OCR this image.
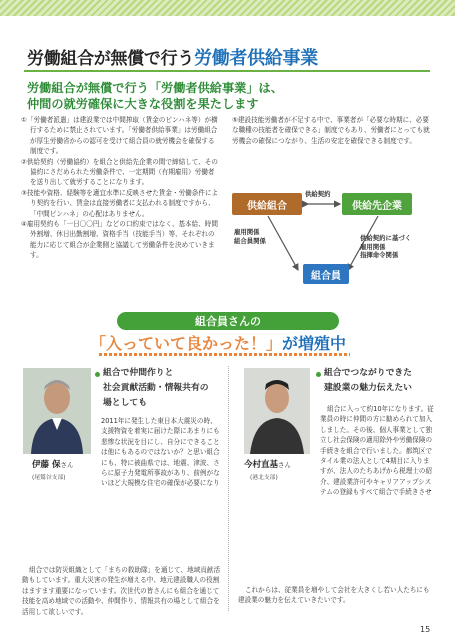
労働組合が無償で行う労働者供給事業
労働組合が無償で行う「労働者供給事業」は、
仲間の就労確保に大きな役割を果たします

①「労働者派遣」は建設業では中間搾取（賃金のピンハネ等）が横行するために禁止されています。「労働者供給事業」は労働組合が厚生労働省からの認可を受けて組合員の就労機会を確保する制度です。

②供給契約（労働協約）を組合と供給先企業の間で締結して、その協約にさだめられた労働条件で、一定期間（有期雇用）労働者を送り出して就労することになります。

③技能や資格、経験等を適宜水準に反映させた賃金・労働条件により契約を行い、賃金は直接労働者に支払われる制度ですから、「中間ピンハネ」の心配はありません。

④雇用契約も「一日〇〇円」などの口約束ではなく、基本給、時間外割増、休日出勤割増、資格手当（技能手当）等、それぞれの能力に応じて組合が企業側と協議して労働条件を決めていきます。

⑤建設技能労働者が不足する中で、事業者が「必要な時期に、必要な職種の技能者を確保できる」制度でもあり、労働者にとっても就労機会の確保につながり、生活の安定を確保できる制度です。
供給組合	供給先企業
組合員
供給契約
雇用関係
組合員関係	供給契約に基づく
雇用関係
指揮命令関係
組合員さんの
「入っていて良かった！」が増殖中
伊藤 保さん
(尾鷲谷支部)
組合で仲間作りと
社会貢献活動・情報共有の
場としても
2011年に発生した東日本大震災の時、支援物資を着実に届けた際にあまりにも悲惨な状況を目にし、自分にできることは他にもあるのではないか？と思い組合にも、特に被曲県では、地震、津波、さらに原子力発電所事故があり、前例がないほど大規模な住宅の確保が必要になり
組合では防災組織として「まちの救助隊」を通じて、地域貢献活動もしています。重大災害の発生が増える中、地元建設職人の役割はますます重要になっています。次世代の皆さんにも組合を通じて技能を高め地域での活動や、仲間作り、情報共有の場として組合を活用して欲しいです。
今村直基さん
(港北支部)
組合でつながりできた
建設業の魅力伝えたい
組合に入って約10年になります。従業員の時に仲間の方に勧められて加入しました。その後、個人事業として独立し社会保険の適用除外や労働保険の手続きを組合で行いました。都筑区でタイル業の法人として4期目に入りますが、法人のたちあげから税理士の紹介、建設業許可やキャリアアップシステムの登録もすべて組合で手続きさせ
これからは、従業員を増やして会社を大きくし若い人たちにも建設業の魅力を伝えていきたいです。
15
